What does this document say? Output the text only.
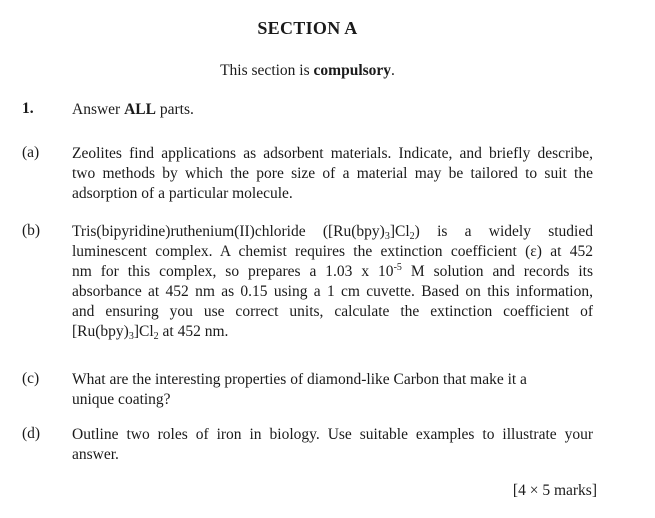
SECTION A
This section is compulsory.
1. Answer ALL parts.
(a) Zeolites find applications as adsorbent materials. Indicate, and briefly describe,
two methods by which the pore size of a material may be tailored to suit the
adsorption of a particular molecule.
(b) Tris(bipyridine)ruthenium(II)chloride $([Ru(bpy)_3]Cl_2)$ is a widely studied
luminescent complex. A chemist requires the extinction coefficient (ε) at 452
nm for this complex, so prepares a 1.03 x $10^{-5}$ M solution and records its
absorbance at 452 nm as 0.15 using a 1 cm cuvette. Based on this information,
and ensuring you use correct units, calculate the extinction coefficient of
$[Ru(bpy)_3]Cl_2$ at 452 nm.
(c) What are the interesting properties of diamond-like Carbon that make it a
unique coating?
(d) Outline two roles of iron in biology. Use suitable examples to illustrate your
answer.
[4 × 5 marks]
